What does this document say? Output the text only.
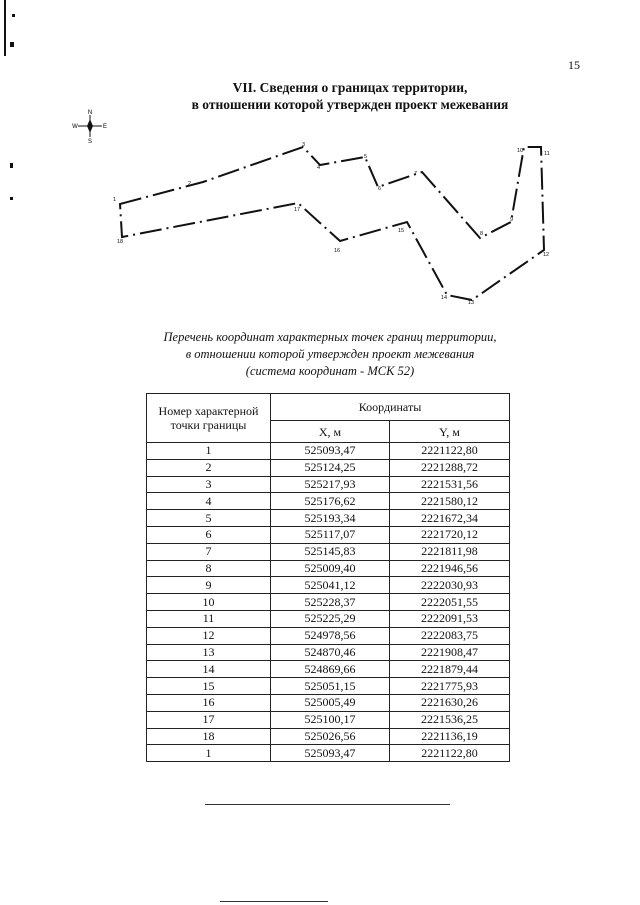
15
VII. Сведения о границах территории,
в отношении которой утвержден проект межевания
N
S
W	E
1
2
3
4
5
6
7
8
9
10	11
12
13
14
15
16
17
18
Перечень координат характерных точек границ территории,
в отношении которой утвержден проект межевания
(система координат - МСК 52)
Номер характерной точки границы	Координаты	
	X, м	Y, м
1	525093,47	2221122,80
2	525124,25	2221288,72
3	525217,93	2221531,56
4	525176,62	2221580,12
5	525193,34	2221672,34
6	525117,07	2221720,12
7	525145,83	2221811,98
8	525009,40	2221946,56
9	525041,12	2222030,93
10	525228,37	2222051,55
11	525225,29	2222091,53
12	524978,56	2222083,75
13	524870,46	2221908,47
14	524869,66	2221879,44
15	525051,15	2221775,93
16	525005,49	2221630,26
17	525100,17	2221536,25
18	525026,56	2221136,19
1	525093,47	2221122,80
